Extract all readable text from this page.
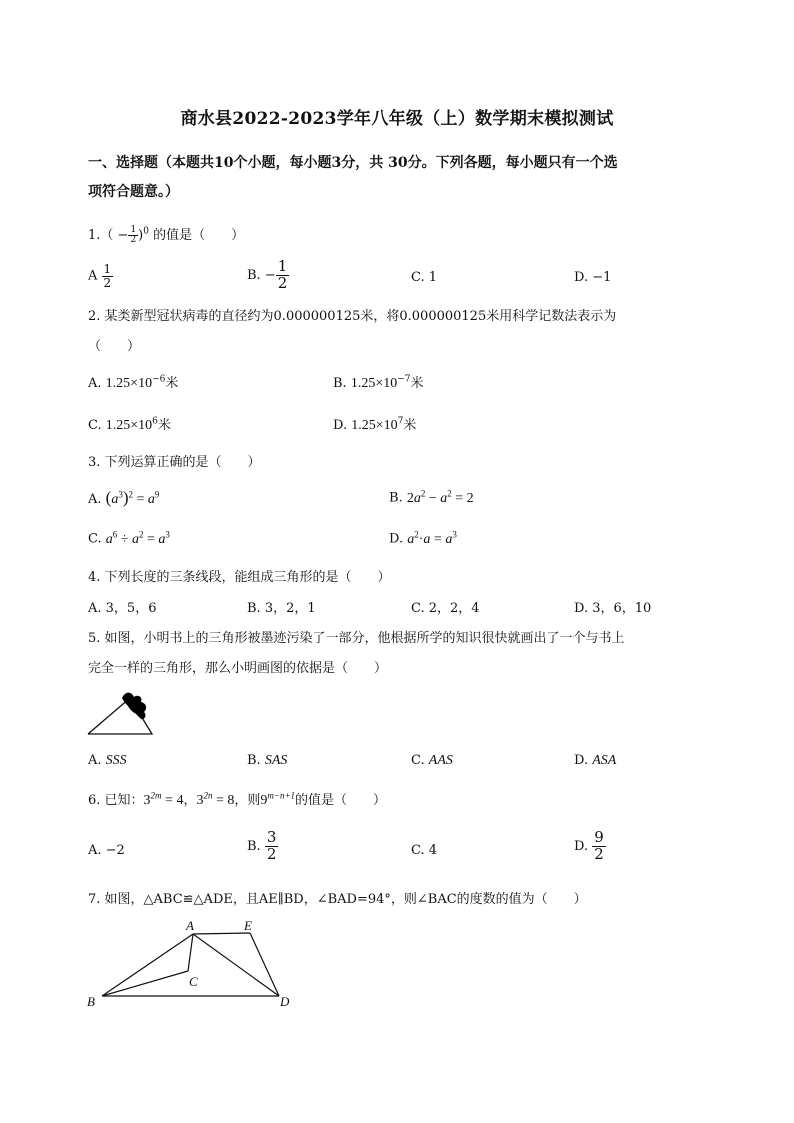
商水县2022-2023学年八年级（上）数学期末模拟测试
一、选择题（本题共10个小题，每小题3分，共 30分。下列各题，每小题只有一个选
项符合题意。）
$1.( - \frac{1}{2} )^0$ 的值是（　　）
A $\frac{1}{2}$	B. − $\frac{1}{2}$	C. 1	D. −1
2. 某类新型冠状病毒的直径约为0.000000125米，将0.000000125米用科学记数法表示为
（　　）
A. $1.25\times 10^{-6}$米	B. $1.25\times 10^{-7}$米
C. $1.25\times 10^6$米	D. $1.25\times 10^7$米
3. 下列运算正确的是（　　）
A. $(a^3)^2 = a^9$	B. $2a^2 - a^2 = 2$
C. $a^6 \div a^2 = a^3$	D. $a^2\cdot a = a^3$
4. 下列长度的三条线段，能组成三角形的是（　　）
A. 3，5，6	B. 3，2，1	C. 2，2，4	D. 3，6，10
5. 如图，小明书上的三角形被墨迹污染了一部分，他根据所学的知识很快就画出了一个与书上
完全一样的三角形，那么小明画图的依据是（　　）
A. SSS	B. SAS	C. AAS	D. ASA
6. 已知：$3^{2m} = 4$，$3^{2n} = 8$，则$9^{m-n+1}$的值是（　　）
A. −2	B. $\frac{3}{2}$	C. 4	D. $\frac{9}{2}$
7. 如图，△ABC≌△ADE，且AE∥BD，∠BAD=94°，则∠BAC的度数的值为（　　）
A	E
C
B	D
